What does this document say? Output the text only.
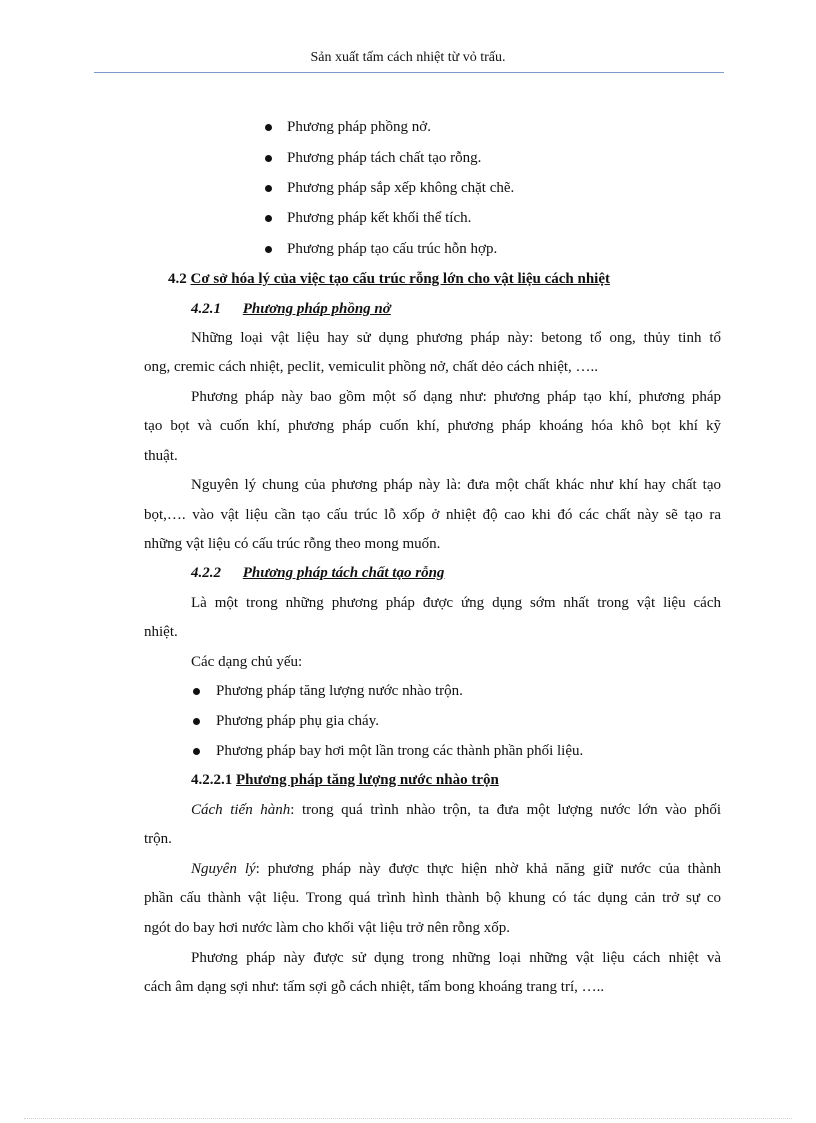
Sản xuất tấm cách nhiệt từ vỏ trấu.
Phương pháp phồng nở.
Phương pháp tách chất tạo rỗng.
Phương pháp sắp xếp không chặt chẽ.
Phương pháp kết khối thể tích.
Phương pháp tạo cấu trúc hỗn hợp.
4.2 Cơ sở hóa lý của việc tạo cấu trúc rỗng lớn cho vật liệu cách nhiệt
4.2.1 Phương pháp phồng nở
Những loại vật liệu hay sử dụng phương pháp này: betong tổ ong, thủy tinh tổ
ong, cremic cách nhiệt, peclit, vemiculit phồng nở, chất dẻo cách nhiệt, …..
Phương pháp này bao gồm một số dạng như: phương pháp tạo khí, phương pháp
tạo bọt và cuốn khí, phương pháp cuốn khí, phương pháp khoáng hóa khô bọt khí kỹ
thuật.
Nguyên lý chung của phương pháp này là: đưa một chất khác như khí hay chất tạo
bọt,…. vào vật liệu cần tạo cấu trúc lỗ xốp ở nhiệt độ cao khi đó các chất này sẽ tạo ra
những vật liệu có cấu trúc rỗng theo mong muốn.
4.2.2 Phương pháp tách chất tạo rỗng
Là một trong những phương pháp được ứng dụng sớm nhất trong vật liệu cách
nhiệt.
Các dạng chủ yếu:
Phương pháp tăng lượng nước nhào trộn.
Phương pháp phụ gia cháy.
Phương pháp bay hơi một lần trong các thành phần phối liệu.
4.2.2.1 Phương pháp tăng lượng nước nhào trộn
Cách tiến hành: trong quá trình nhào trộn, ta đưa một lượng nước lớn vào phối
trộn.
Nguyên lý: phương pháp này được thực hiện nhờ khả năng giữ nước của thành
phần cấu thành vật liệu. Trong quá trình hình thành bộ khung có tác dụng cản trở sự co
ngót do bay hơi nước làm cho khối vật liệu trở nên rỗng xốp.
Phương pháp này được sử dụng trong những loại những vật liệu cách nhiệt và
cách âm dạng sợi như: tấm sợi gỗ cách nhiệt, tấm bong khoáng trang trí, …..
